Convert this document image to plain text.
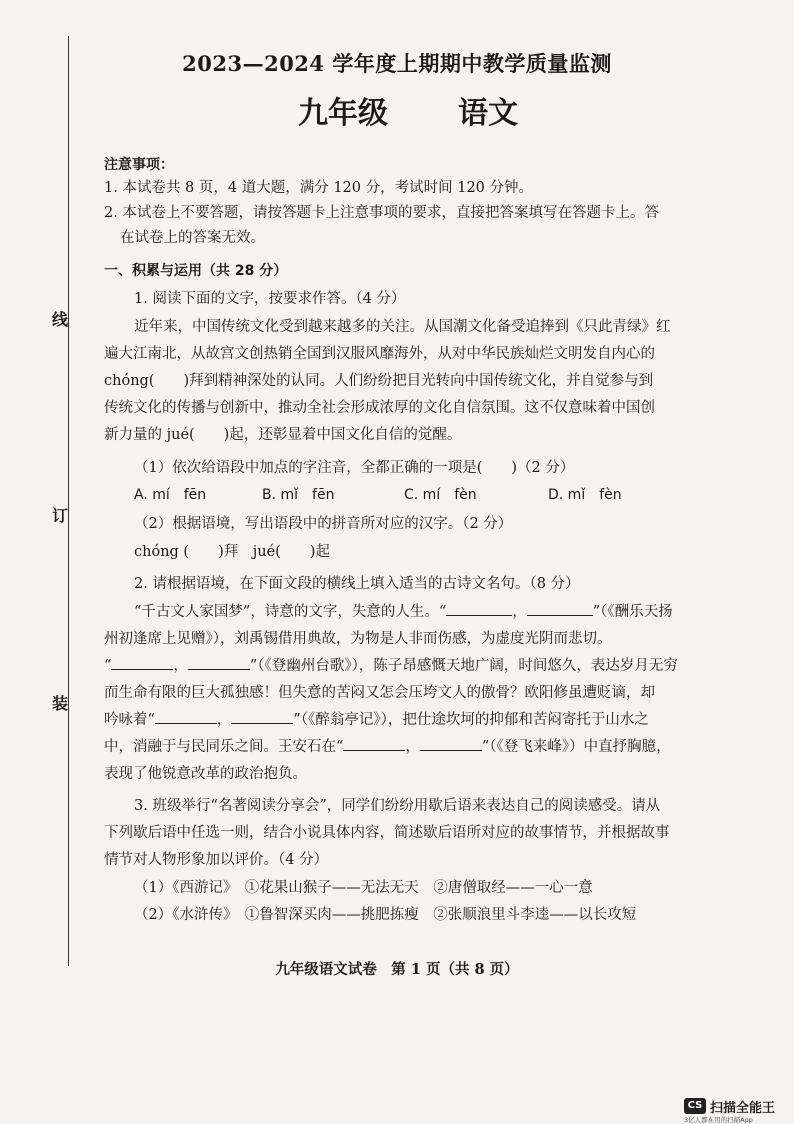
线
订
装
2023—2024 学年度上期期中教学质量监测
九年级 语文
注意事项：
1. 本试卷共 8 页，4 道大题，满分 120 分，考试时间 120 分钟。
2. 本试卷上不要答题，请按答题卡上注意事项的要求，直接把答案填写在答题卡上。答
在试卷上的答案无效。
一、积累与运用（共 28 分）
1. 阅读下面的文字，按要求作答。（4 分）
近年来，中国传统文化受到越来越多的关注。从国潮文化备受追捧到《只此青绿》红
遍大江南北，从故宫文创热销全国到汉服风靡海外，从对中华民族灿烂文明发自内心的
chóng(　　)拜到精神深处的认同。人们纷纷把目光转向中国传统文化，并自觉参与到
传统文化的传播与创新中，推动全社会形成浓厚的文化自信氛围。这不仅意味着中国创
新力量的 jué(　　)起，还彰显着中国文化自信的觉醒。
（1）依次给语段中加点的字注音，全都正确的一项是(　　)（2 分）
A. mí　fēn	B. mǐ　fēn	C. mí　fèn	D. mǐ　fèn
（2）根据语境，写出语段中的拼音所对应的汉字。（2 分）
chóng (　　)拜　jué(　　)起
2. 请根据语境，在下面文段的横线上填入适当的古诗文名句。（8 分）
“千古文人家国梦”，诗意的文字，失意的人生。“	，	”（《酬乐天扬
州初逢席上见赠》），刘禹锡借用典故，为物是人非而伤感，为虚度光阴而悲切。
“	，	”（《登幽州台歌》），陈子昂感慨天地广阔，时间悠久，表达岁月无穷
而生命有限的巨大孤独感！但失意的苦闷又怎会压垮文人的傲骨？欧阳修虽遭贬谪，却
吟咏着“	，	”（《醉翁亭记》），把仕途坎坷的抑郁和苦闷寄托于山水之
中，消融于与民同乐之间。王安石在“	，	”（《登飞来峰》）中直抒胸臆，
表现了他锐意改革的政治抱负。
3. 班级举行“名著阅读分享会”，同学们纷纷用歇后语来表达自己的阅读感受。请从
下列歇后语中任选一则，结合小说具体内容，简述歇后语所对应的故事情节，并根据故事
情节对人物形象加以评价。（4 分）
（1）《西游记》　①花果山猴子——无法无天　②唐僧取经——一心一意
（2）《水浒传》　①鲁智深买肉——挑肥拣瘦　②张顺浪里斗李逵——以长攻短
九年级语文试卷　第 1 页（共 8 页）
CS 扫描全能王
3亿人都在用的扫描App
